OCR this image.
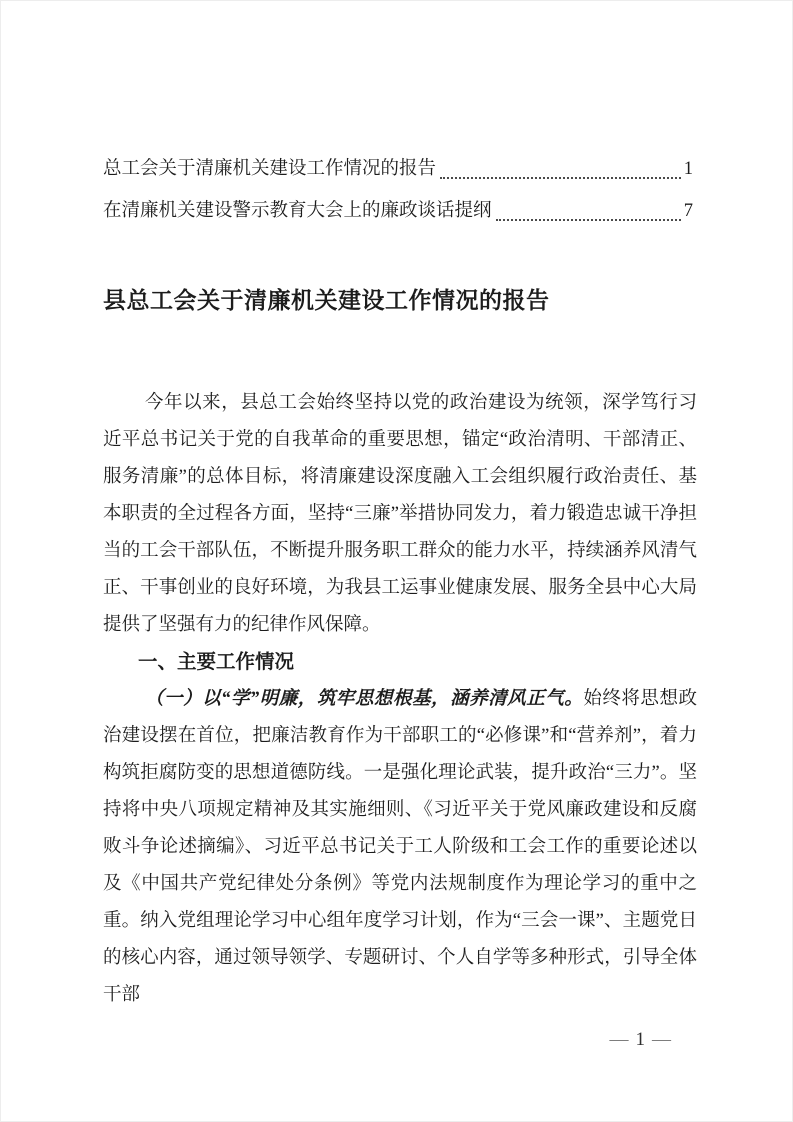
总工会关于清廉机关建设工作情况的报告	1
在清廉机关建设警示教育大会上的廉政谈话提纲	7
县总工会关于清廉机关建设工作情况的报告

今年以来，县总工会始终坚持以党的政治建设为统领，深学笃行习近平总书记关于党的自我革命的重要思想，锚定“政治清明、干部清正、服务清廉”的总体目标，将清廉建设深度融入工会组织履行政治责任、基本职责的全过程各方面，坚持“三廉”举措协同发力，着力锻造忠诚干净担当的工会干部队伍，不断提升服务职工群众的能力水平，持续涵养风清气正、干事创业的良好环境，为我县工运事业健康发展、服务全县中心大局提供了坚强有力的纪律作风保障。

一、主要工作情况

（一）以“学”明廉，筑牢思想根基，涵养清风正气。始终将思想政治建设摆在首位，把廉洁教育作为干部职工的“必修课”和“营养剂”，着力构筑拒腐防变的思想道德防线。一是强化理论武装，提升政治“三力”。坚持将中央八项规定精神及其实施细则、《习近平关于党风廉政建设和反腐败斗争论述摘编》、习近平总书记关于工人阶级和工会工作的重要论述以及《中国共产党纪律处分条例》等党内法规制度作为理论学习的重中之重。纳入党组理论学习中心组年度学习计划，作为“三会一课”、主题党日的核心内容，通过领导领学、专题研讨、个人自学等多种形式，引导全体干部

— 1 —
